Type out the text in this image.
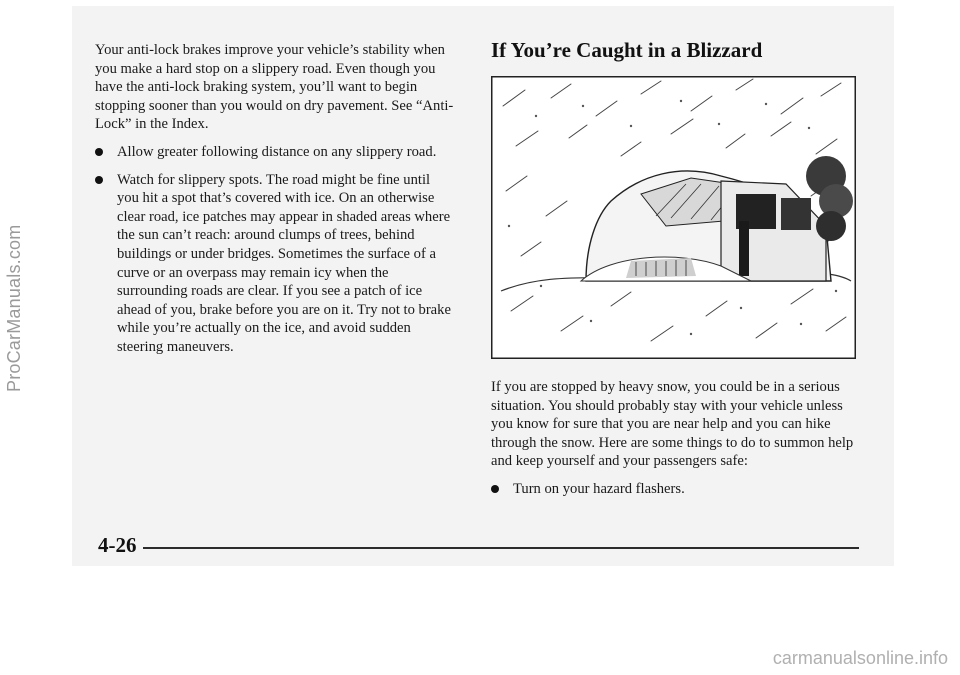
ProCarManuals.com

Your anti-lock brakes improve your vehicle’s stability when you make a hard stop on a slippery road. Even though you have the anti-lock braking system, you’ll want to begin stopping sooner than you would on dry pavement. See “Anti-Lock” in the Index.

Allow greater following distance on any slippery road.
Watch for slippery spots. The road might be fine until you hit a spot that’s covered with ice. On an otherwise clear road, ice patches may appear in shaded areas where the sun can’t reach: around clumps of trees, behind buildings or under bridges. Sometimes the surface of a curve or an overpass may remain icy when the surrounding roads are clear. If you see a patch of ice ahead of you, brake before you are on it. Try not to brake while you’re actually on the ice, and avoid sudden steering maneuvers.
If You’re Caught in a Blizzard

If you are stopped by heavy snow, you could be in a serious situation. You should probably stay with your vehicle unless you know for sure that you are near help and you can hike through the snow. Here are some things to do to summon help and keep yourself and your passengers safe:

Turn on your hazard flashers.
4-26
carmanualsonline.info
